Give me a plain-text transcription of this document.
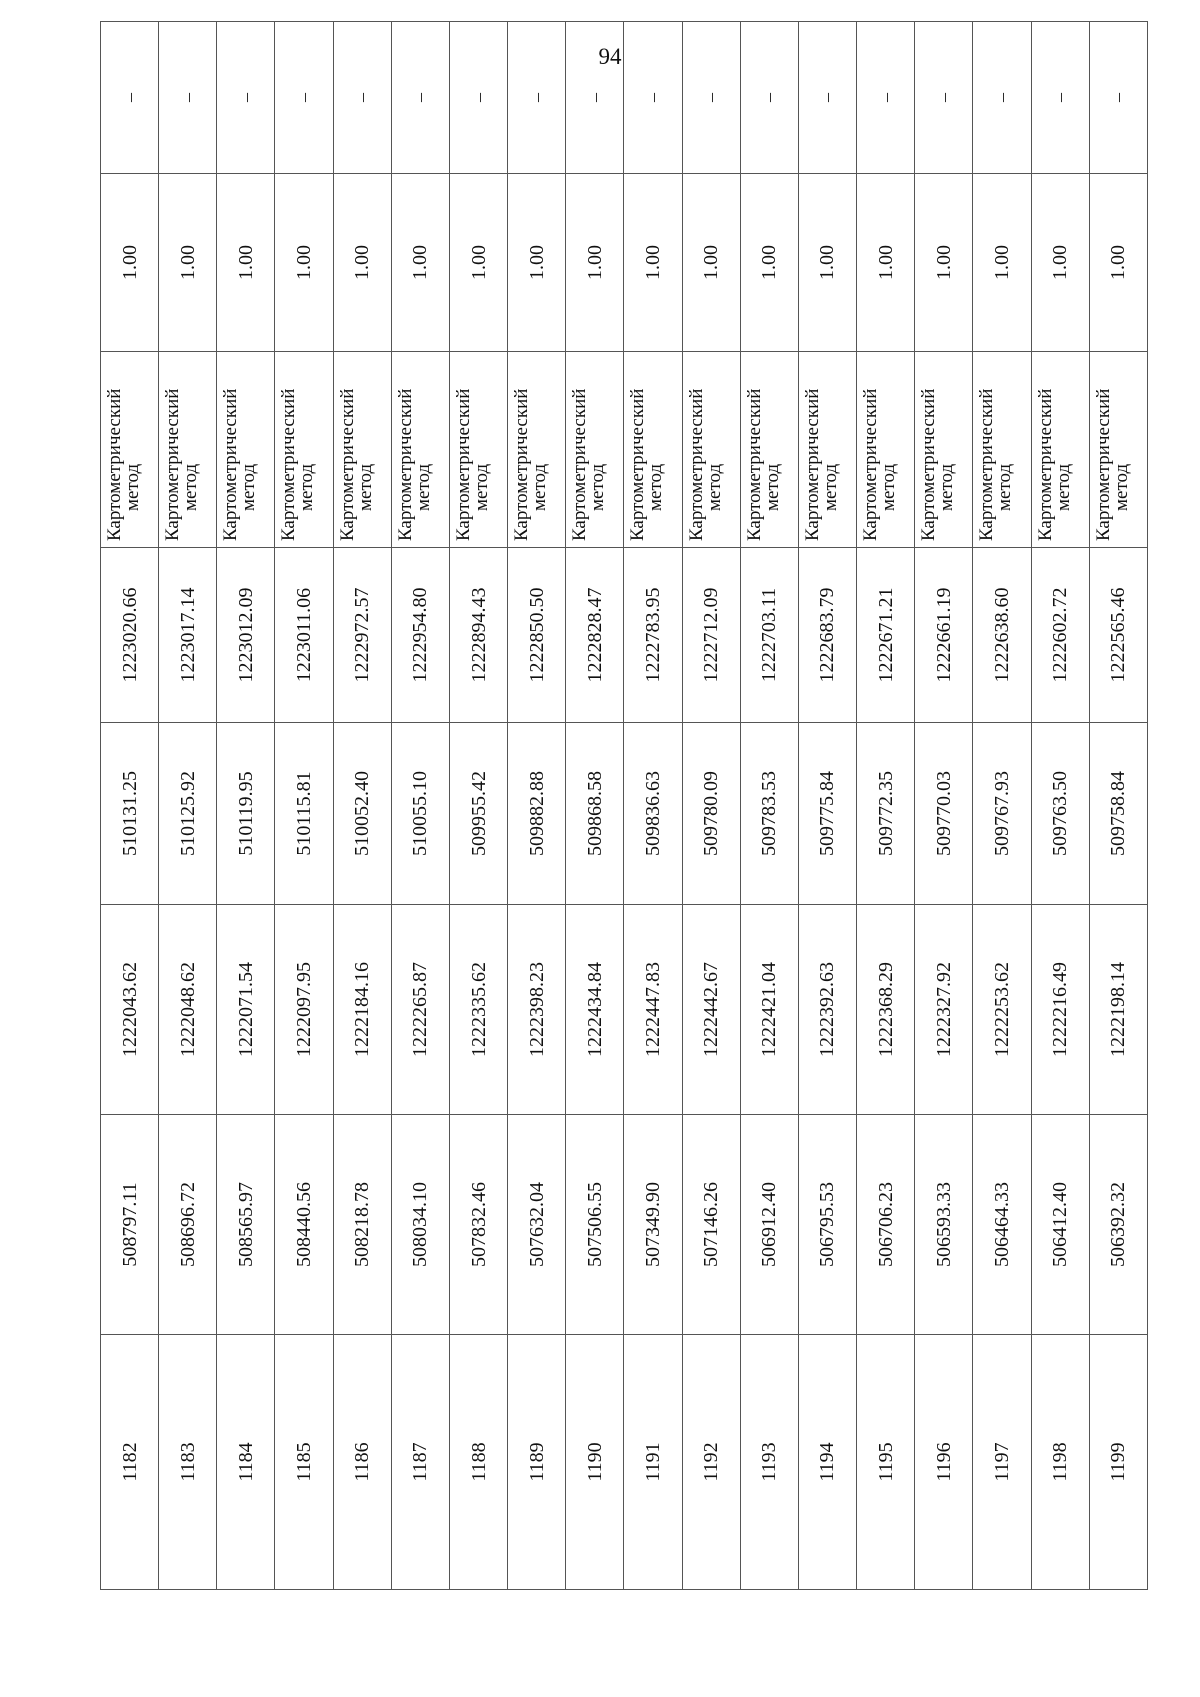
94
1182	508797.11	1222043.62	510131.25	1223020.66	Картометрический
метод	1.00	–
1183	508696.72	1222048.62	510125.92	1223017.14	Картометрический
метод	1.00	–
1184	508565.97	1222071.54	510119.95	1223012.09	Картометрический
метод	1.00	–
1185	508440.56	1222097.95	510115.81	1223011.06	Картометрический
метод	1.00	–
1186	508218.78	1222184.16	510052.40	1222972.57	Картометрический
метод	1.00	–
1187	508034.10	1222265.87	510055.10	1222954.80	Картометрический
метод	1.00	–
1188	507832.46	1222335.62	509955.42	1222894.43	Картометрический
метод	1.00	–
1189	507632.04	1222398.23	509882.88	1222850.50	Картометрический
метод	1.00	–
1190	507506.55	1222434.84	509868.58	1222828.47	Картометрический
метод	1.00	–
1191	507349.90	1222447.83	509836.63	1222783.95	Картометрический
метод	1.00	–
1192	507146.26	1222442.67	509780.09	1222712.09	Картометрический
метод	1.00	–
1193	506912.40	1222421.04	509783.53	1222703.11	Картометрический
метод	1.00	–
1194	506795.53	1222392.63	509775.84	1222683.79	Картометрический
метод	1.00	–
1195	506706.23	1222368.29	509772.35	1222671.21	Картометрический
метод	1.00	–
1196	506593.33	1222327.92	509770.03	1222661.19	Картометрический
метод	1.00	–
1197	506464.33	1222253.62	509767.93	1222638.60	Картометрический
метод	1.00	–
1198	506412.40	1222216.49	509763.50	1222602.72	Картометрический
метод	1.00	–
1199	506392.32	1222198.14	509758.84	1222565.46	Картометрический
метод	1.00	–
